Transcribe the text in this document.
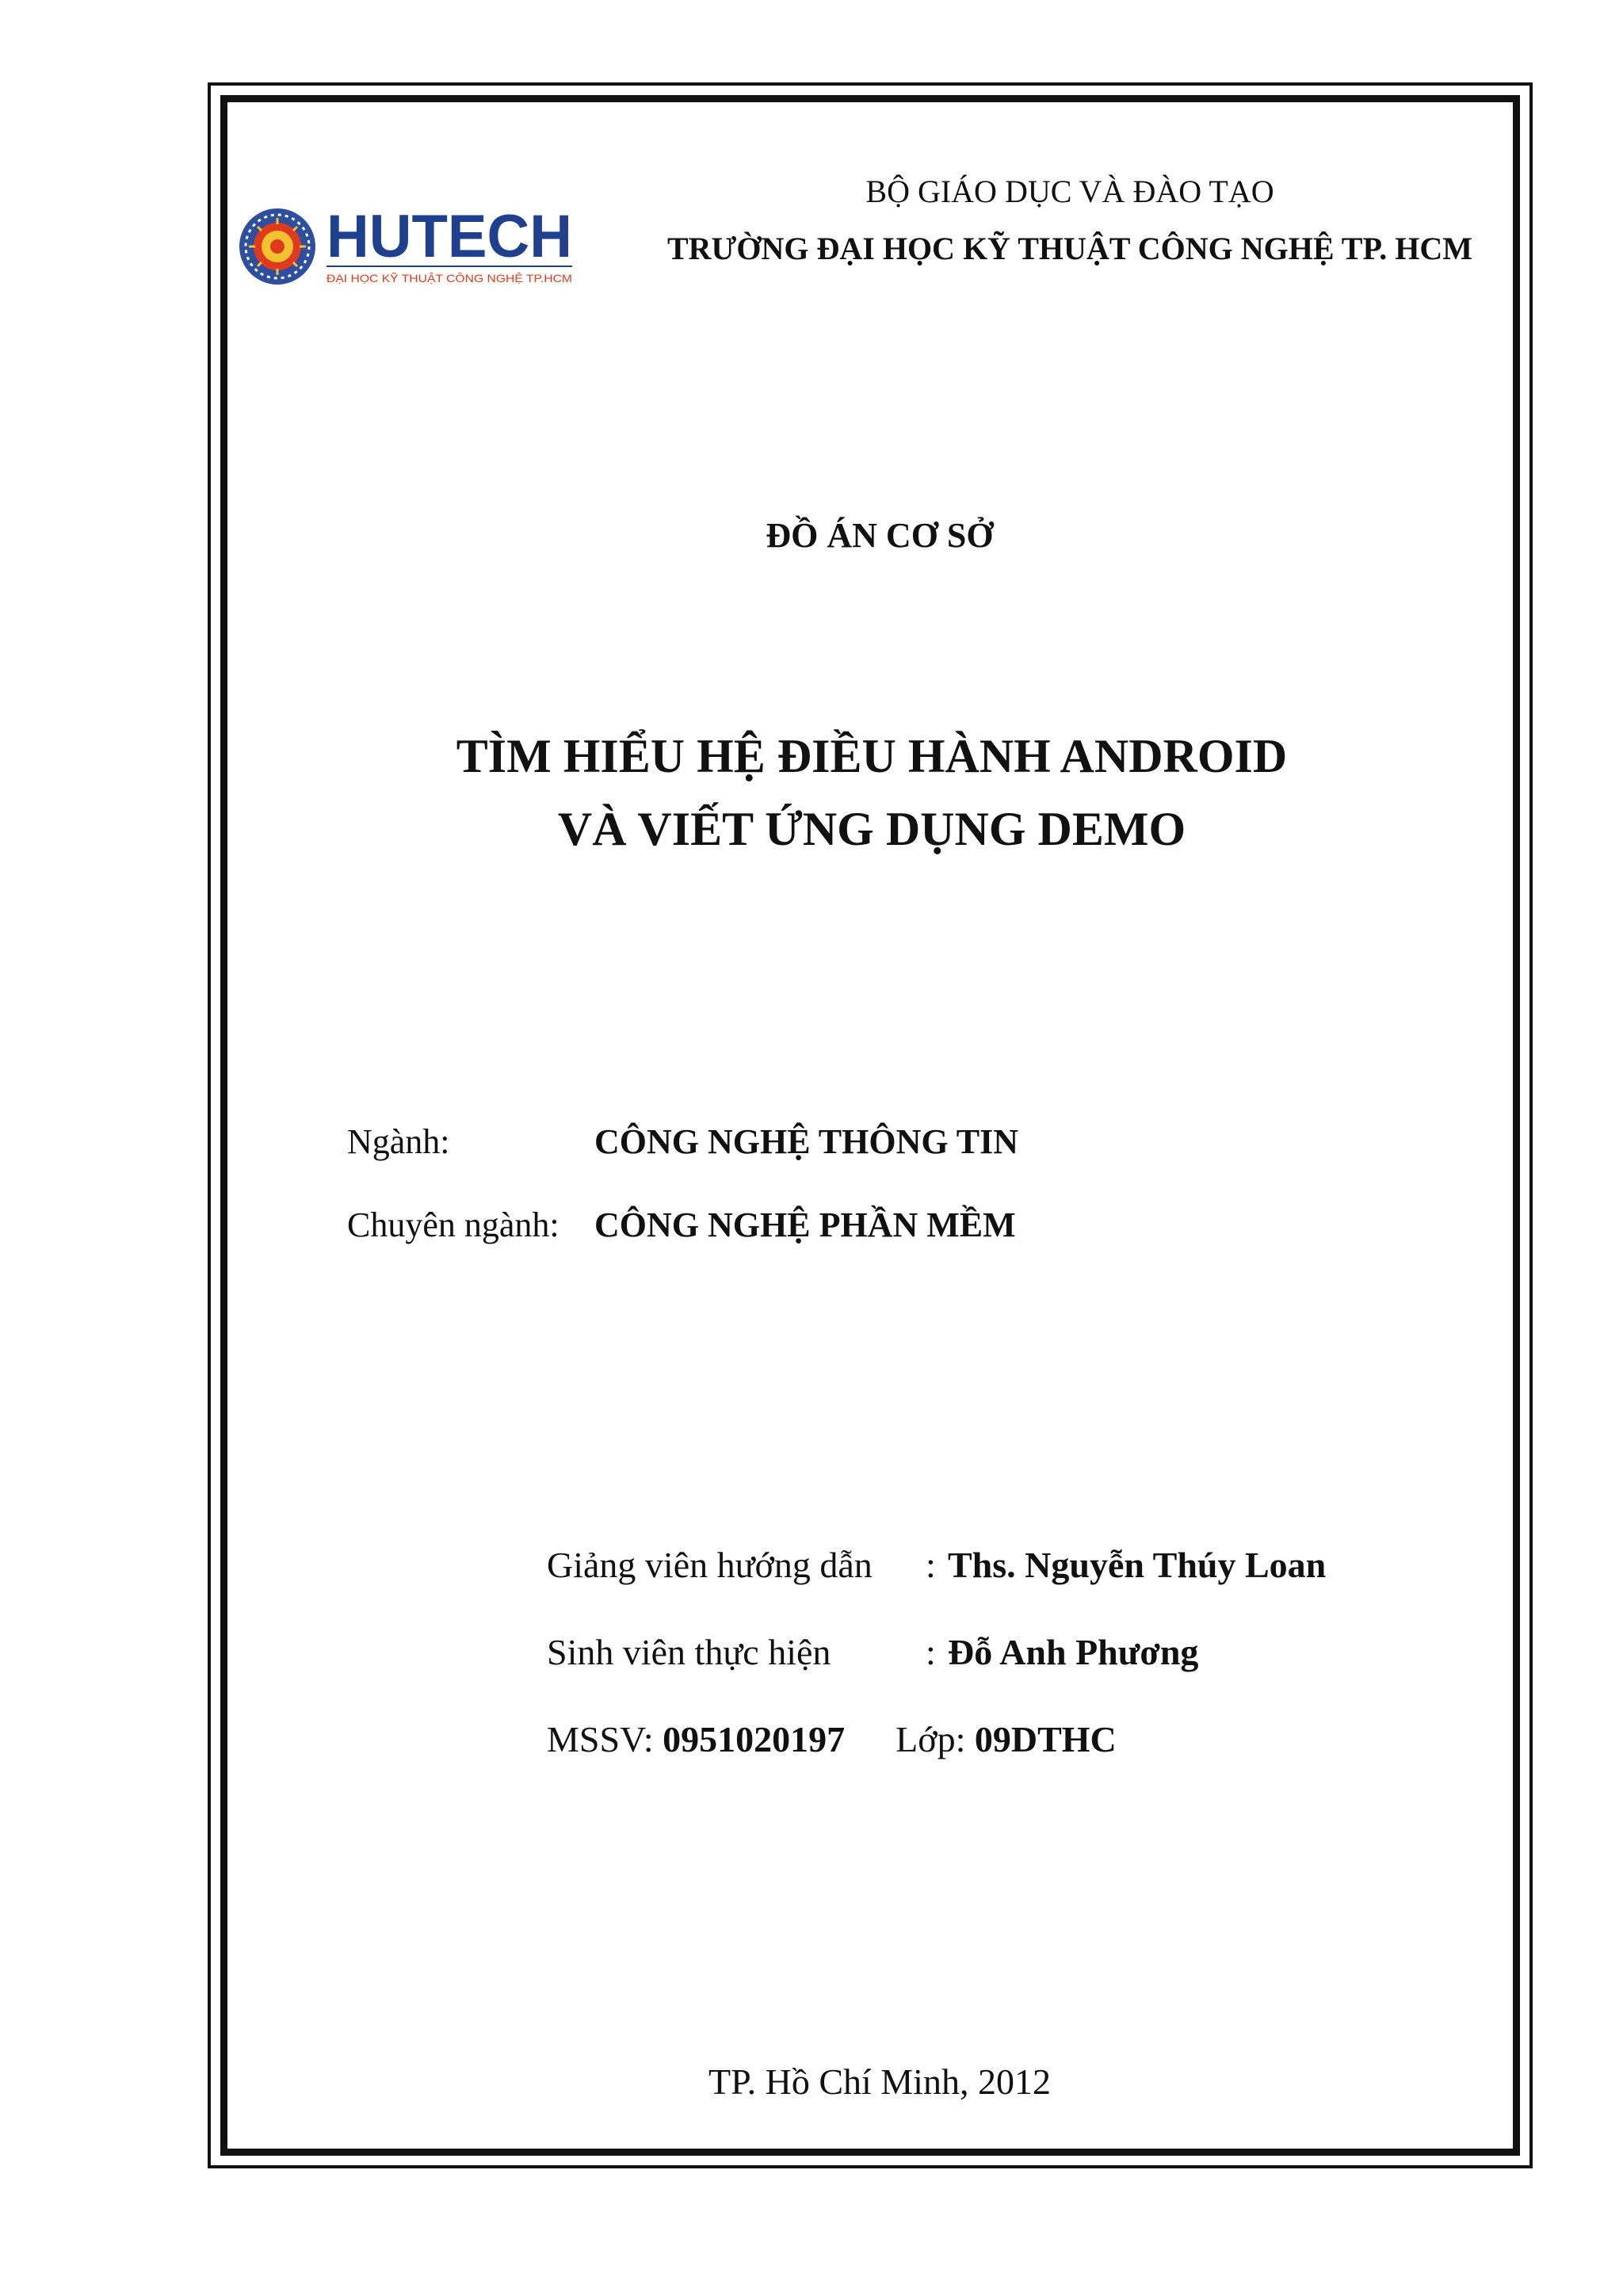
HUTECH
ĐẠI HỌC KỸ THUẬT CÔNG NGHỆ TP.HCM
BỘ GIÁO DỤC VÀ ĐÀO TẠO
TRƯỜNG ĐẠI HỌC KỸ THUẬT CÔNG NGHỆ TP. HCM
ĐỒ ÁN CƠ SỞ
TÌM HIỂU HỆ ĐIỀU HÀNH ANDROID
VÀ VIẾT ỨNG DỤNG DEMO
Ngành:	CÔNG NGHỆ THÔNG TIN
Chuyên ngành: CÔNG NGHỆ PHẦN MỀM
Giảng viên hướng dẫn : Ths. Nguyễn Thúy Loan
Sinh viên thực hiện	: Đỗ Anh Phương
MSSV: 0951020197 Lớp: 09DTHC
TP. Hồ Chí Minh, 2012
